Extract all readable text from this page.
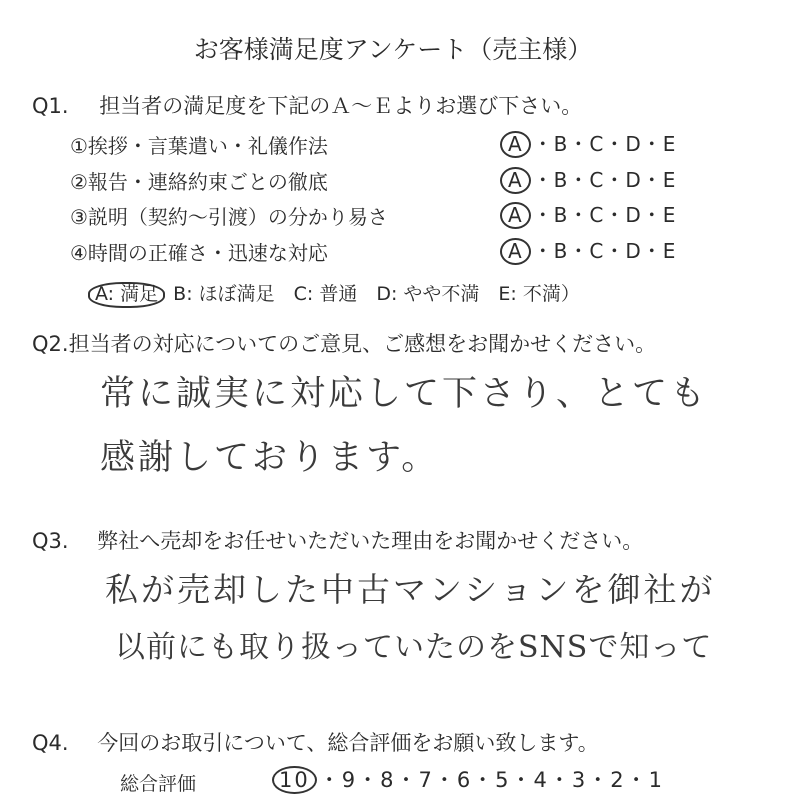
お客様満足度アンケート（売主様）
Q1. 担当者の満足度を下記のＡ～Ｅよりお選び下さい。
①挨拶・言葉遣い・礼儀作法	A ・B・C・D・E
②報告・連絡約束ごとの徹底	A ・B・C・D・E
③説明（契約～引渡）の分かり易さ	A ・B・C・D・E
④時間の正確さ・迅速な対応	A ・B・C・D・E
A: 満足 B: ほぼ満足　C: 普通　D: やや不満　E: 不満）
Q2.担当者の対応についてのご意見、ご感想をお聞かせください。
常に誠実に対応して下さり、とても
感謝しております。
Q3. 弊社へ売却をお任せいただいた理由をお聞かせください。
私が売却した中古マンションを御社が
以前にも取り扱っていたのをSNSで知って
Q4. 今回のお取引について、総合評価をお願い致します。
総合評価	10 ・9・8・7・6・5・4・3・2・1
